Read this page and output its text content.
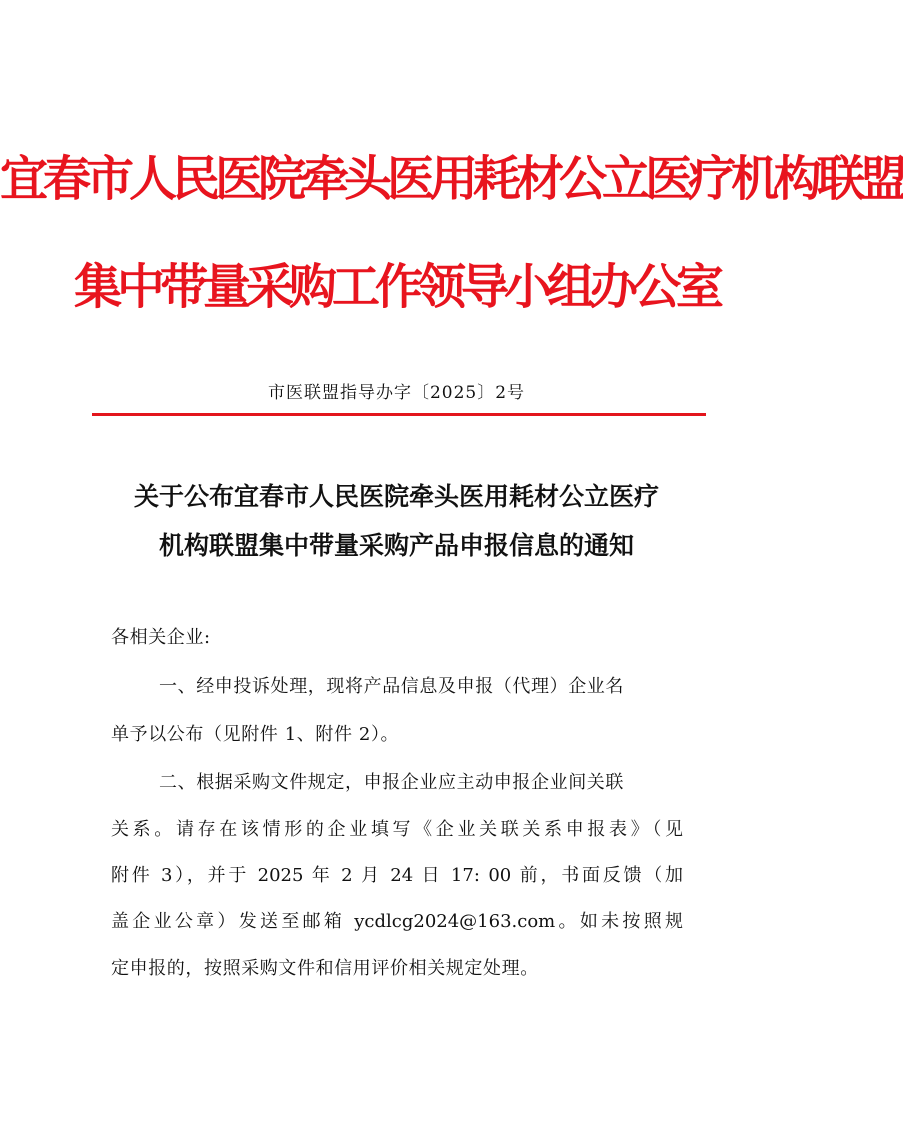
宜春市人民医院牵头医用耗材公立医疗机构联盟
集中带量采购工作领导小组办公室
市医联盟指导办字〔2025〕2号
关于公布宜春市人民医院牵头医用耗材公立医疗
机构联盟集中带量采购产品申报信息的通知
各相关企业:
一、经申投诉处理，现将产品信息及申报（代理）企业名
单予以公布（见附件 1、附件 2）。
二、根据采购文件规定，申报企业应主动申报企业间关联
关系。请存在该情形的企业填写《企业关联关系申报表》（见
附件 3），并于 2025 年 2 月 24 日 17: 00 前，书面反馈（加
盖企业公章）发送至邮箱 ycdlcg2024@163.com。如未按照规
定申报的，按照采购文件和信用评价相关规定处理。
